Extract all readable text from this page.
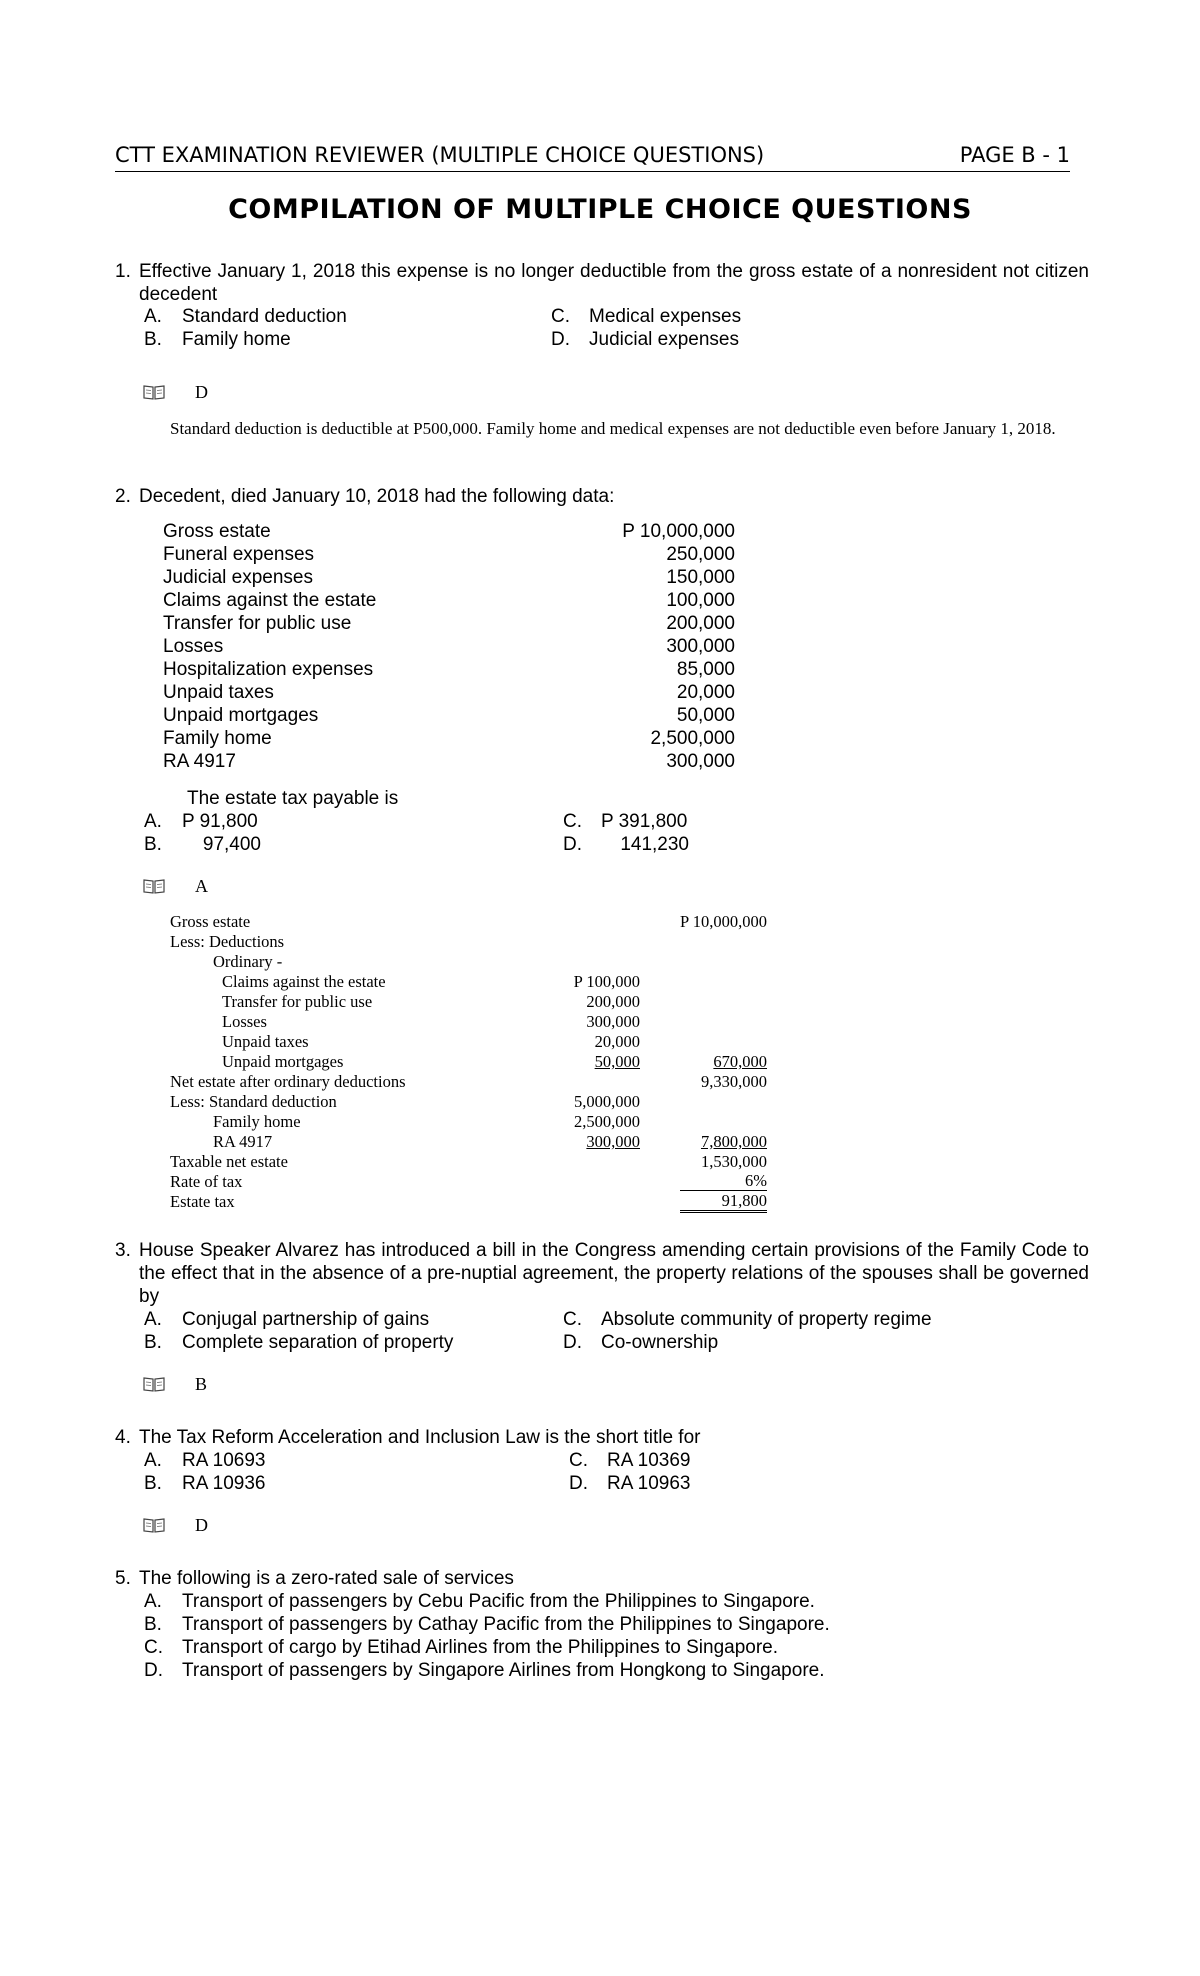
CTT EXAMINATION REVIEWER (MULTIPLE CHOICE QUESTIONS)	PAGE B - 1
COMPILATION OF MULTIPLE CHOICE QUESTIONS
1. Effective January 1, 2018 this expense is no longer deductible from the gross estate of a nonresident not citizen decedent
A. Standard deduction
B. Family home
C. Medical expenses
D. Judicial expenses
D
Standard deduction is deductible at P500,000. Family home and medical expenses are not deductible even before January 1, 2018.
2. Decedent, died January 10, 2018 had the following data:
Gross estate	P 10,000,000
Funeral expenses	250,000
Judicial expenses	150,000
Claims against the estate	100,000
Transfer for public use	200,000
Losses	300,000
Hospitalization expenses	85,000
Unpaid taxes	20,000
Unpaid mortgages	50,000
Family home	2,500,000
RA 4917	300,000
The estate tax payable is
A. P 91,800
B. 97,400
C. P 391,800
D. 141,230
A
Gross estate	P 10,000,000
Less: Deductions
Ordinary -
Claims against the estate	P 100,000
Transfer for public use	200,000
Losses	300,000
Unpaid taxes	20,000
Unpaid mortgages	50,000	670,000
Net estate after ordinary deductions	9,330,000
Less: Standard deduction	5,000,000
Family home	2,500,000
RA 4917	300,000	7,800,000
Taxable net estate	1,530,000
Rate of tax	6%
Estate tax	91,800
3. House Speaker Alvarez has introduced a bill in the Congress amending certain provisions of the Family Code to the effect that in the absence of a pre-nuptial agreement, the property relations of the spouses shall be governed by
A. Conjugal partnership of gains
B. Complete separation of property
C. Absolute community of property regime
D. Co-ownership
B
4. The Tax Reform Acceleration and Inclusion Law is the short title for
A. RA 10693
B. RA 10936
C. RA 10369
D. RA 10963
D
5. The following is a zero-rated sale of services
A. Transport of passengers by Cebu Pacific from the Philippines to Singapore.
B. Transport of passengers by Cathay Pacific from the Philippines to Singapore.
C. Transport of cargo by Etihad Airlines from the Philippines to Singapore.
D. Transport of passengers by Singapore Airlines from Hongkong to Singapore.
